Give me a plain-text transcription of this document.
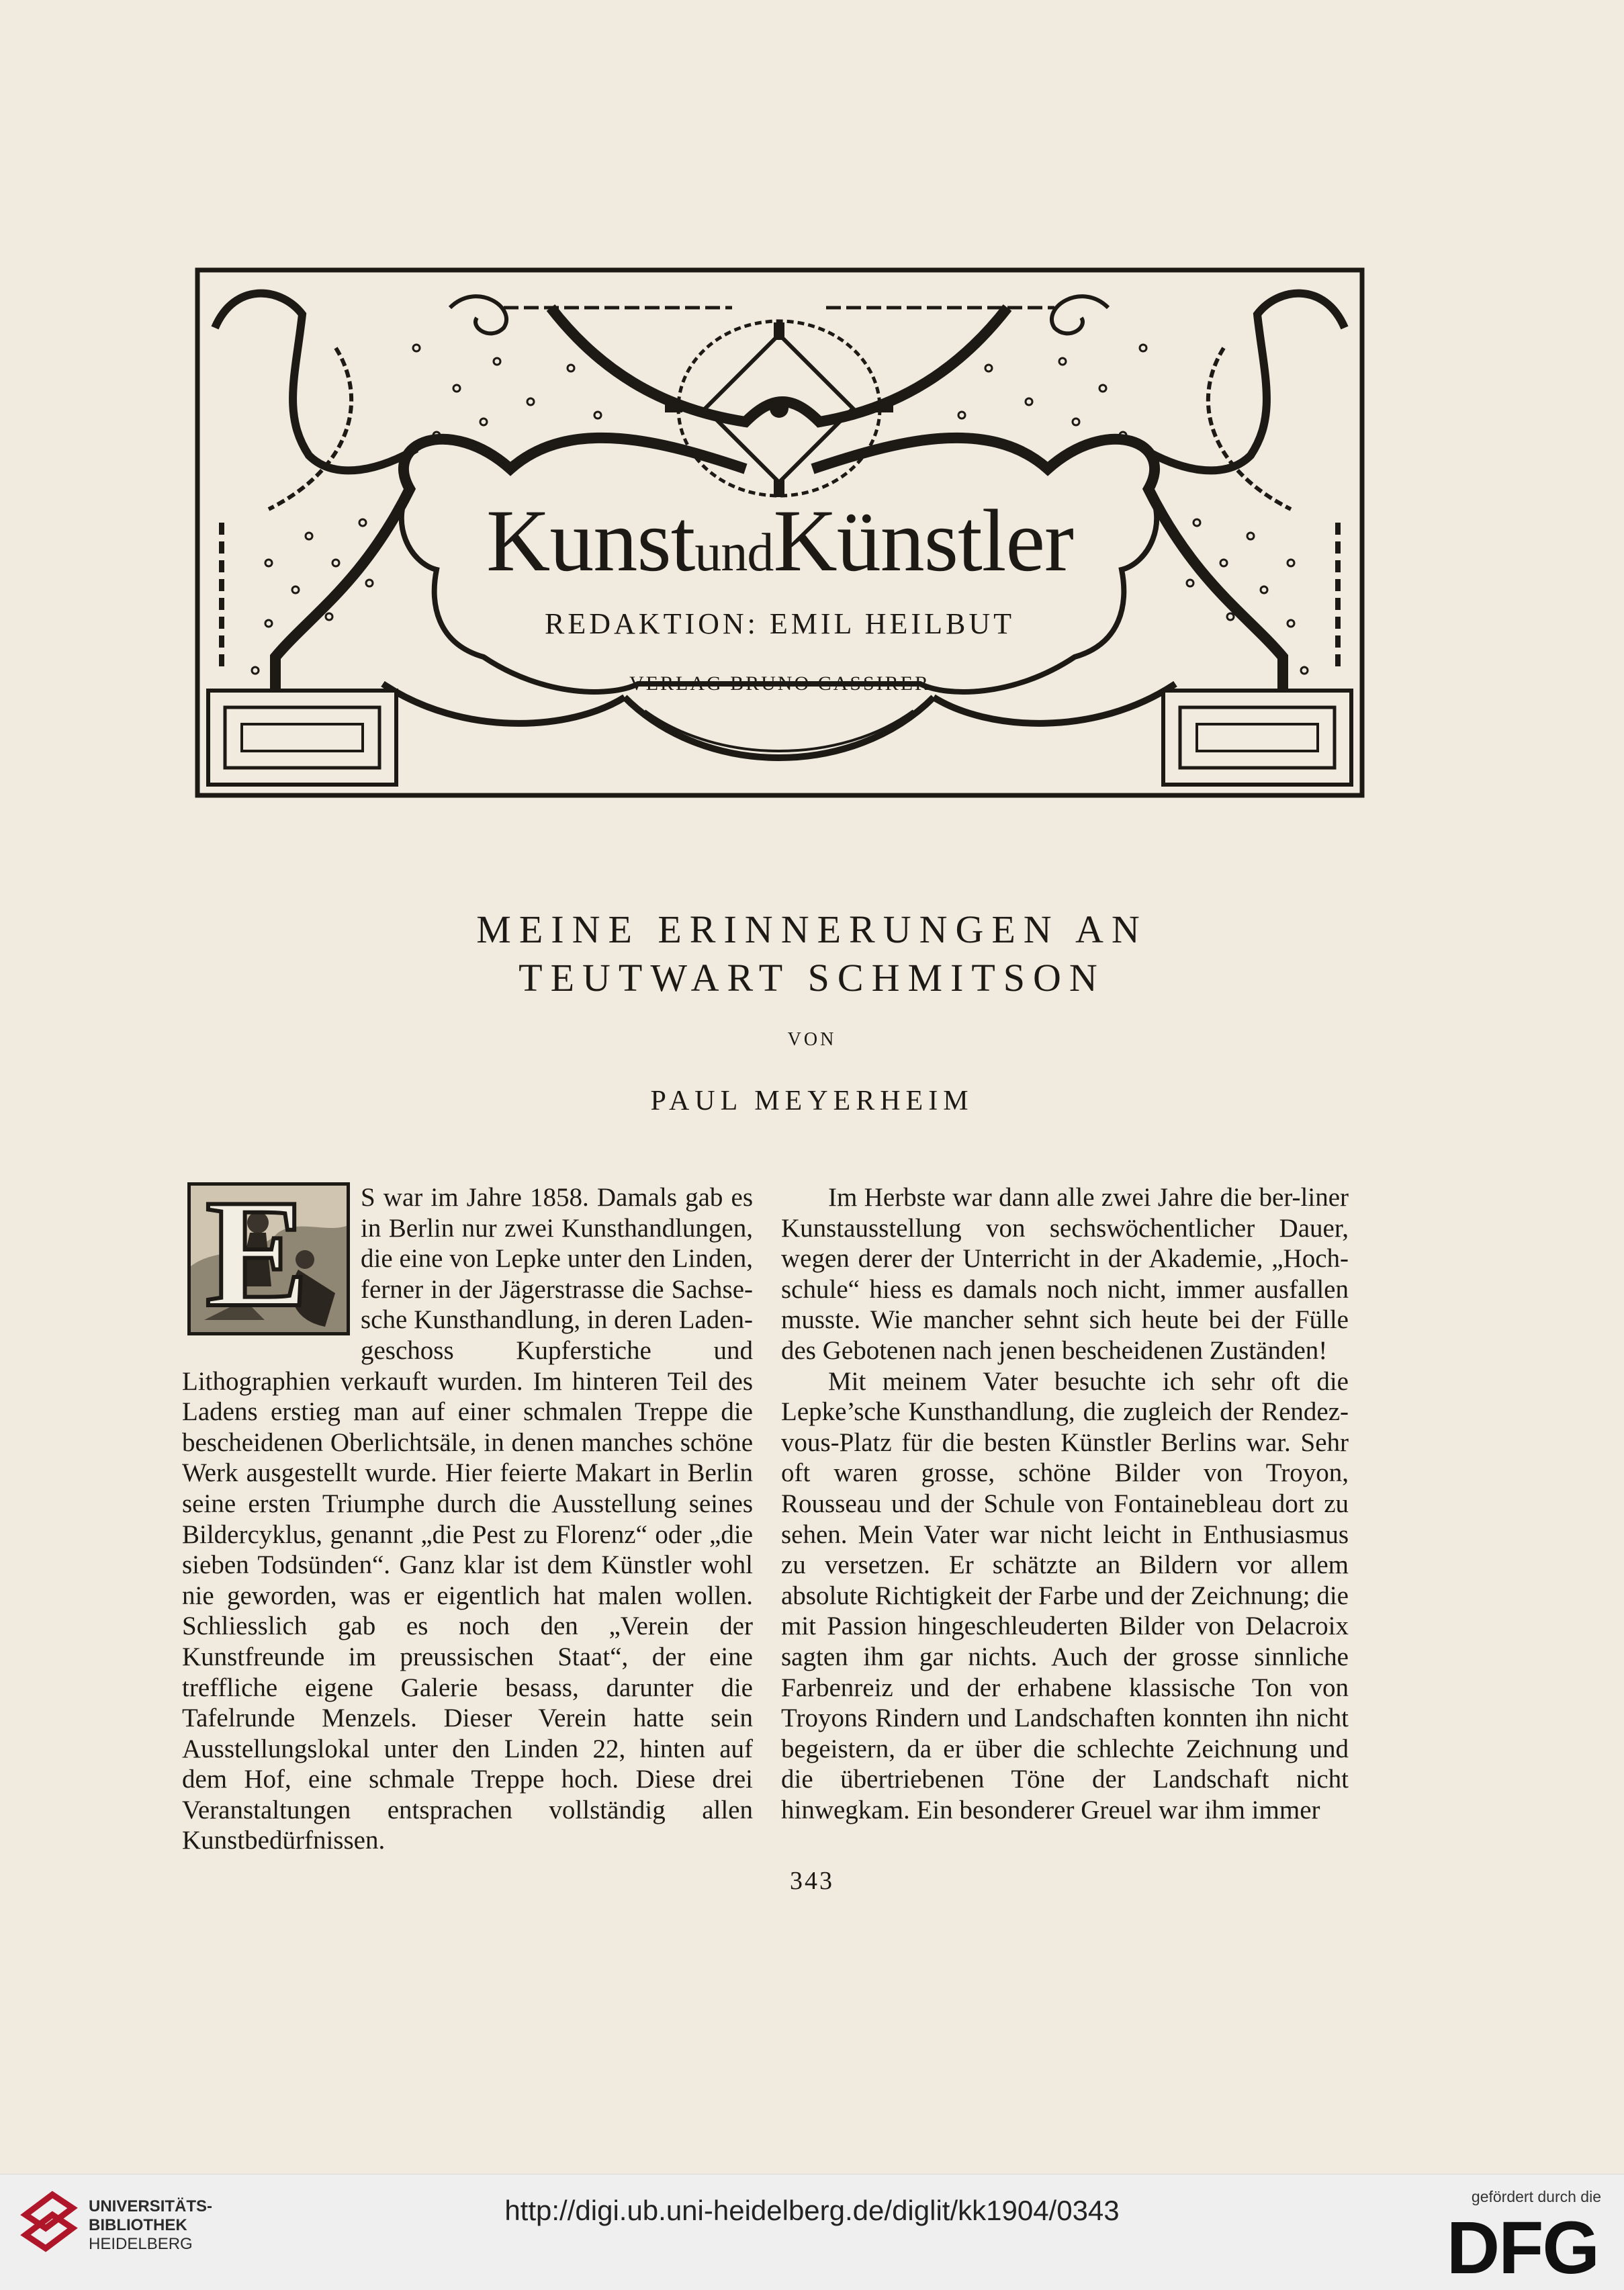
KunstundKünstler
REDAKTION: EMIL HEILBUT
VERLAG BRUNO CASSIRER
MEINE ERINNERUNGEN AN
TEUTWART SCHMITSON
VON
PAUL MEYERHEIM
E	S war im Jahre 1858. Damals gab es in Berlin nur zwei Kunsthandlungen, die eine von Lepke unter den Linden, ferner in der Jägerstrasse die Sachse-sche Kunsthandlung, in deren Laden-geschoss Kupferstiche und Lithographien verkauft wurden. Im hinteren Teil des Ladens erstieg man auf einer schmalen Treppe die bescheidenen Oberlichtsäle, in denen manches schöne Werk ausgestellt wurde. Hier feierte Makart in Berlin seine ersten Triumphe durch die Ausstellung seines Bildercyklus, genannt „die Pest zu Florenz“ oder „die sieben Todsünden“. Ganz klar ist dem Künstler wohl nie geworden, was er eigentlich hat malen wollen. Schliesslich gab es noch den „Verein der Kunstfreunde im preussischen Staat“, der eine treffliche eigene Galerie besass, darunter die Tafelrunde Menzels. Dieser Verein hatte sein Ausstellungslokal unter den Linden 22, hinten auf dem Hof, eine schmale Treppe hoch. Diese drei Veranstaltungen entsprachen vollständig allen Kunstbedürfnissen.

Im Herbste war dann alle zwei Jahre die ber-liner Kunstausstellung von sechswöchentlicher Dauer, wegen derer der Unterricht in der Akademie, „Hoch-schule“ hiess es damals noch nicht, immer ausfallen musste. Wie mancher sehnt sich heute bei der Fülle des Gebotenen nach jenen bescheidenen Zuständen!

Mit meinem Vater besuchte ich sehr oft die Lepke’sche Kunsthandlung, die zugleich der Rendez-vous-Platz für die besten Künstler Berlins war. Sehr oft waren grosse, schöne Bilder von Troyon, Rousseau und der Schule von Fontainebleau dort zu sehen. Mein Vater war nicht leicht in Enthusiasmus zu versetzen. Er schätzte an Bildern vor allem absolute Richtigkeit der Farbe und der Zeichnung; die mit Passion hingeschleuderten Bilder von Delacroix sagten ihm gar nichts. Auch der grosse sinnliche Farbenreiz und der erhabene klassische Ton von Troyons Rindern und Landschaften konnten ihn nicht begeistern, da er über die schlechte Zeichnung und die übertriebenen Töne der Landschaft nicht hinwegkam. Ein besonderer Greuel war ihm immer

343
UNIVERSITÄTS-
BIBLIOTHEK
HEIDELBERG
http://digi.ub.uni-heidelberg.de/diglit/kk1904/0343	gefördert durch die
DFG
